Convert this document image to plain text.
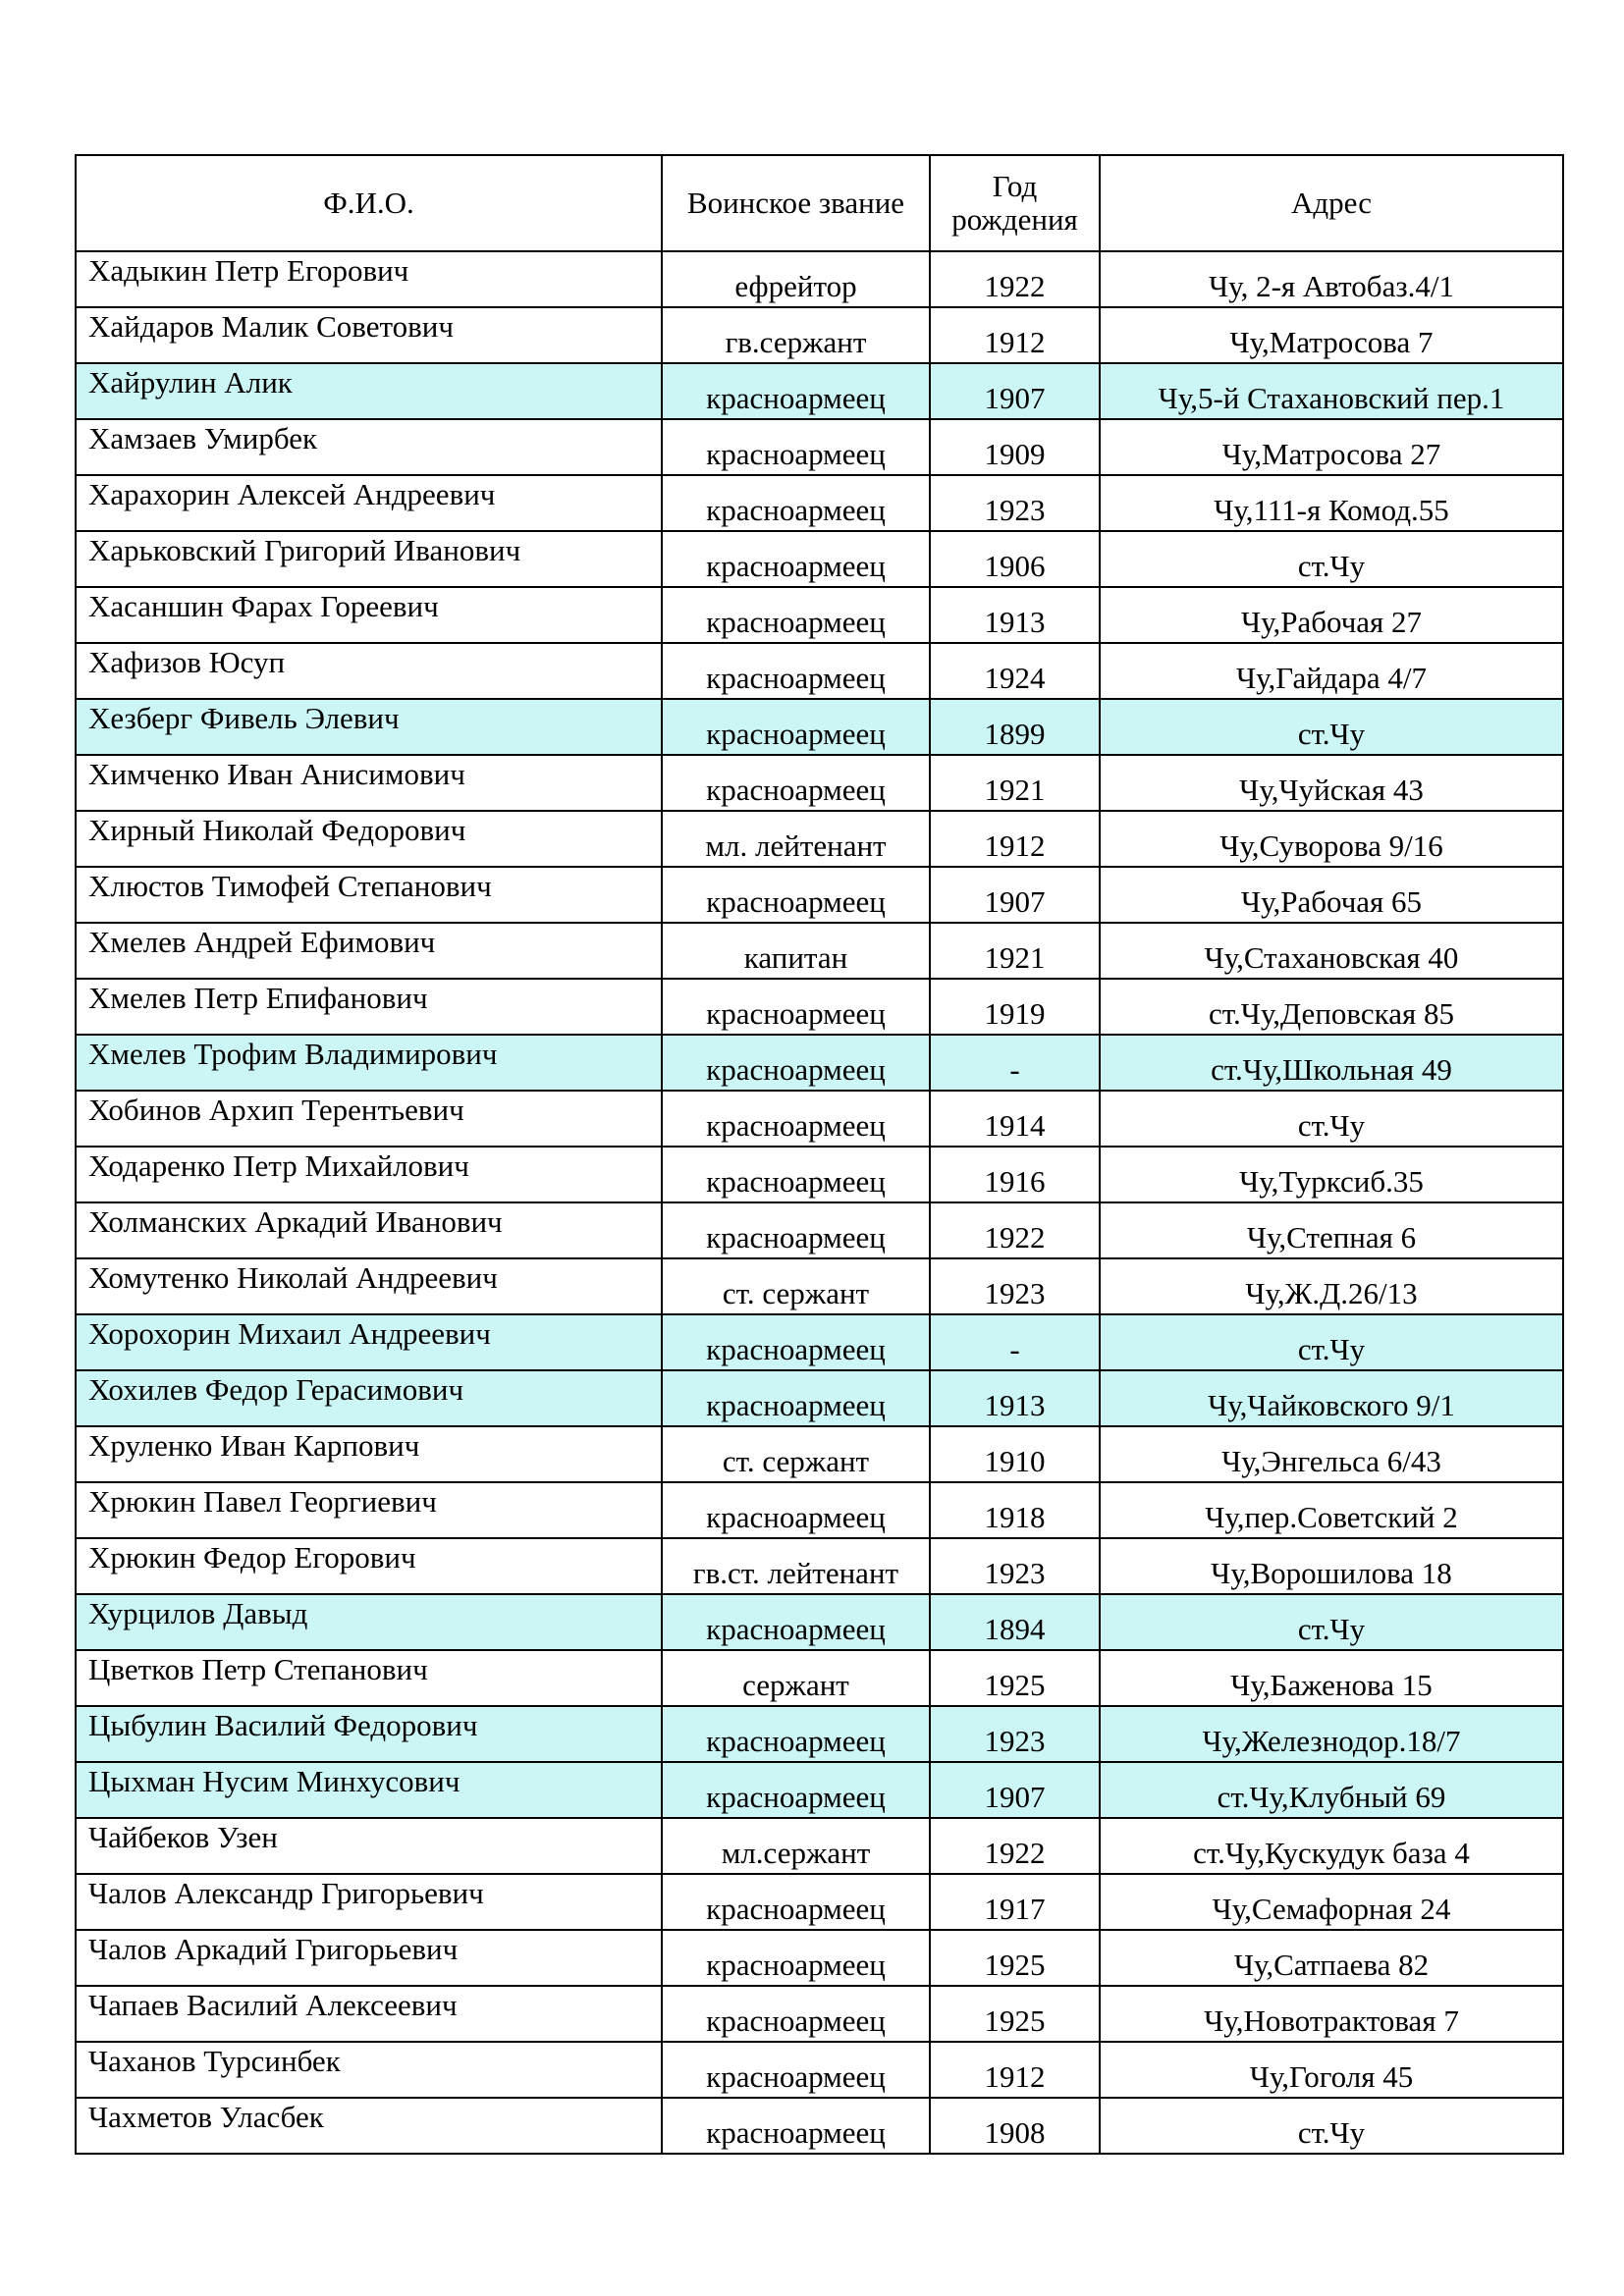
Ф.И.О.	Воинское звание	Год рождения	Адрес
Хадыкин Петр Егорович	ефрейтор	1922	Чу, 2-я Автобаз.4/1
Хайдаров Малик Советович	гв.сержант	1912	Чу,Матросова 7
Хайрулин Алик	красноармеец	1907	Чу,5-й Стахановский пер.1
Хамзаев Умирбек	красноармеец	1909	Чу,Матросова 27
Харахорин Алексей Андреевич	красноармеец	1923	Чу,111-я Комод.55
Харьковский Григорий Иванович	красноармеец	1906	ст.Чу
Хасаншин Фарах Гореевич	красноармеец	1913	Чу,Рабочая 27
Хафизов Юсуп	красноармеец	1924	Чу,Гайдара 4/7
Хезберг Фивель Элевич	красноармеец	1899	ст.Чу
Химченко Иван Анисимович	красноармеец	1921	Чу,Чуйская 43
Хирный Николай Федорович	мл. лейтенант	1912	Чу,Суворова 9/16
Хлюстов Тимофей Степанович	красноармеец	1907	Чу,Рабочая 65
Хмелев Андрей Ефимович	капитан	1921	Чу,Стахановская 40
Хмелев Петр Епифанович	красноармеец	1919	ст.Чу,Деповская 85
Хмелев Трофим Владимирович	красноармеец	-	ст.Чу,Школьная 49
Хобинов Архип Терентьевич	красноармеец	1914	ст.Чу
Ходаренко Петр Михайлович	красноармеец	1916	Чу,Турксиб.35
Холманских Аркадий Иванович	красноармеец	1922	Чу,Степная 6
Хомутенко Николай Андреевич	ст. сержант	1923	Чу,Ж.Д.26/13
Хорохорин Михаил Андреевич	красноармеец	-	ст.Чу
Хохилев Федор Герасимович	красноармеец	1913	Чу,Чайковского 9/1
Хруленко Иван Карпович	ст. сержант	1910	Чу,Энгельса 6/43
Хрюкин Павел Георгиевич	красноармеец	1918	Чу,пер.Советский 2
Хрюкин Федор Егорович	гв.ст. лейтенант	1923	Чу,Ворошилова 18
Хурцилов Давыд	красноармеец	1894	ст.Чу
Цветков Петр Степанович	сержант	1925	Чу,Баженова 15
Цыбулин Василий Федорович	красноармеец	1923	Чу,Железнодор.18/7
Цыхман Нусим Минхусович	красноармеец	1907	ст.Чу,Клубный 69
Чайбеков Узен	мл.сержант	1922	ст.Чу,Кускудук база 4
Чалов Александр Григорьевич	красноармеец	1917	Чу,Семафорная 24
Чалов Аркадий Григорьевич	красноармеец	1925	Чу,Сатпаева 82
Чапаев Василий Алексеевич	красноармеец	1925	Чу,Новотрактовая 7
Чаханов Турсинбек	красноармеец	1912	Чу,Гоголя 45
Чахметов Уласбек	красноармеец	1908	ст.Чу
